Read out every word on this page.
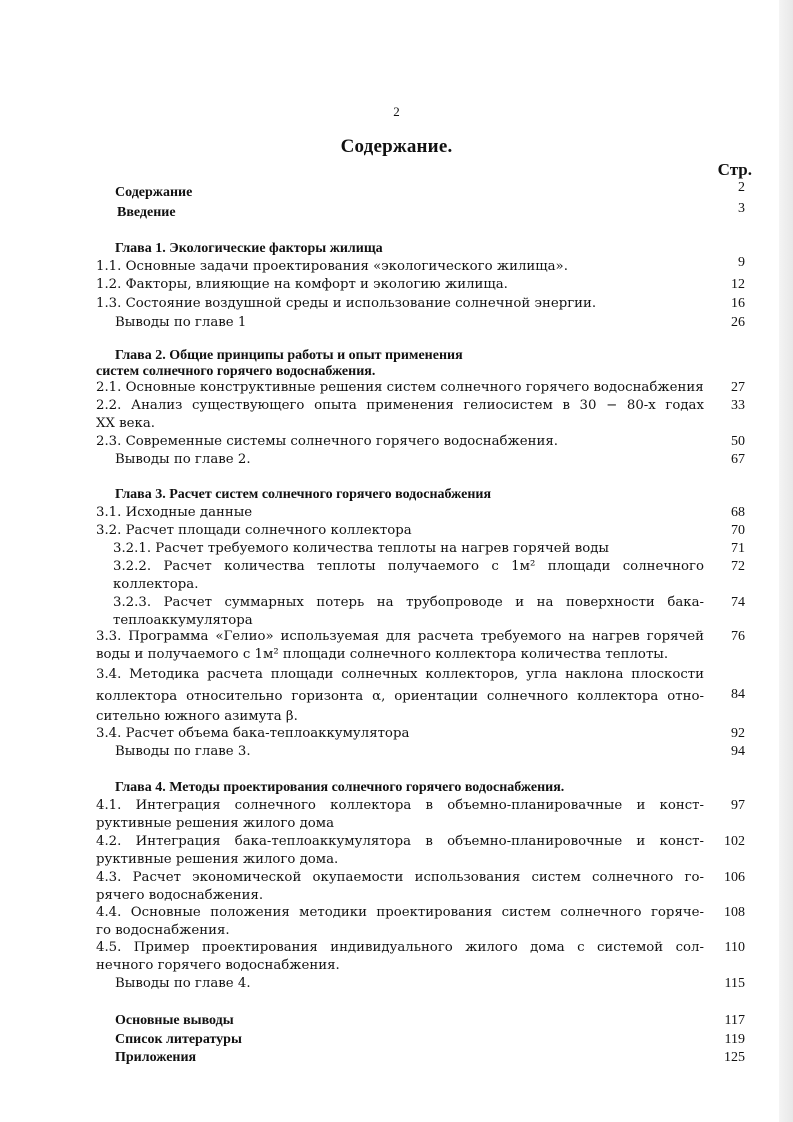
2
Содержание.
Стр.
Содержание	2
Введение	3
Глава 1. Экологические факторы жилища
1.1. Основные задачи проектирования «экологического жилища».	9
1.2. Факторы, влияющие на комфорт и экологию жилища.	12
1.3. Состояние воздушной среды и использование солнечной энергии.	16
Выводы по главе 1	26
Глава 2. Общие принципы работы и опыт применения
систем солнечного горячего водоснабжения.
2.1. Основные конструктивные решения систем солнечного горячего водоснабжения 27
2.2. Анализ существующего опыта применения гелиосистем в 30 − 80-х годах 33
XX века.
2.3. Современные системы солнечного горячего водоснабжения.	50
Выводы по главе 2.	67
Глава 3. Расчет систем солнечного горячего водоснабжения
3.1. Исходные данные	68
3.2. Расчет площади солнечного коллектора	70
3.2.1. Расчет требуемого количества теплоты на нагрев горячей воды	71
3.2.2. Расчет количества теплоты получаемого с 1м² площади солнечного 72
коллектора.
3.2.3. Расчет суммарных потерь на трубопроводе и на поверхности бака- 74
теплоаккумулятора
3.3. Программа «Гелио» используемая для расчета требуемого на нагрев горячей 76
воды и получаемого с 1м² площади солнечного коллектора количества теплоты.
3.4. Методика расчета площади солнечных коллекторов, угла наклона плоскости
коллектора относительно горизонта α, ориентации солнечного коллектора отно- 84
сительно южного азимута β.
3.4. Расчет объема бака-теплоаккумулятора	92
Выводы по главе 3.	94
Глава 4. Методы проектирования солнечного горячего водоснабжения.
4.1. Интеграция солнечного коллектора в объемно-планировачные и конст- 97
руктивные решения жилого дома
4.2. Интеграция бака-теплоаккумулятора в объемно-планировочные и конст- 102
руктивные решения жилого дома.
4.3. Расчет экономической окупаемости использования систем солнечного го- 106
рячего водоснабжения.
4.4. Основные положения методики проектирования систем солнечного горяче- 108
го водоснабжения.
4.5. Пример проектирования индивидуального жилого дома с системой сол- 110
нечного горячего водоснабжения.
Выводы по главе 4.	115
Основные выводы	117
Список литературы	119
Приложения	125
